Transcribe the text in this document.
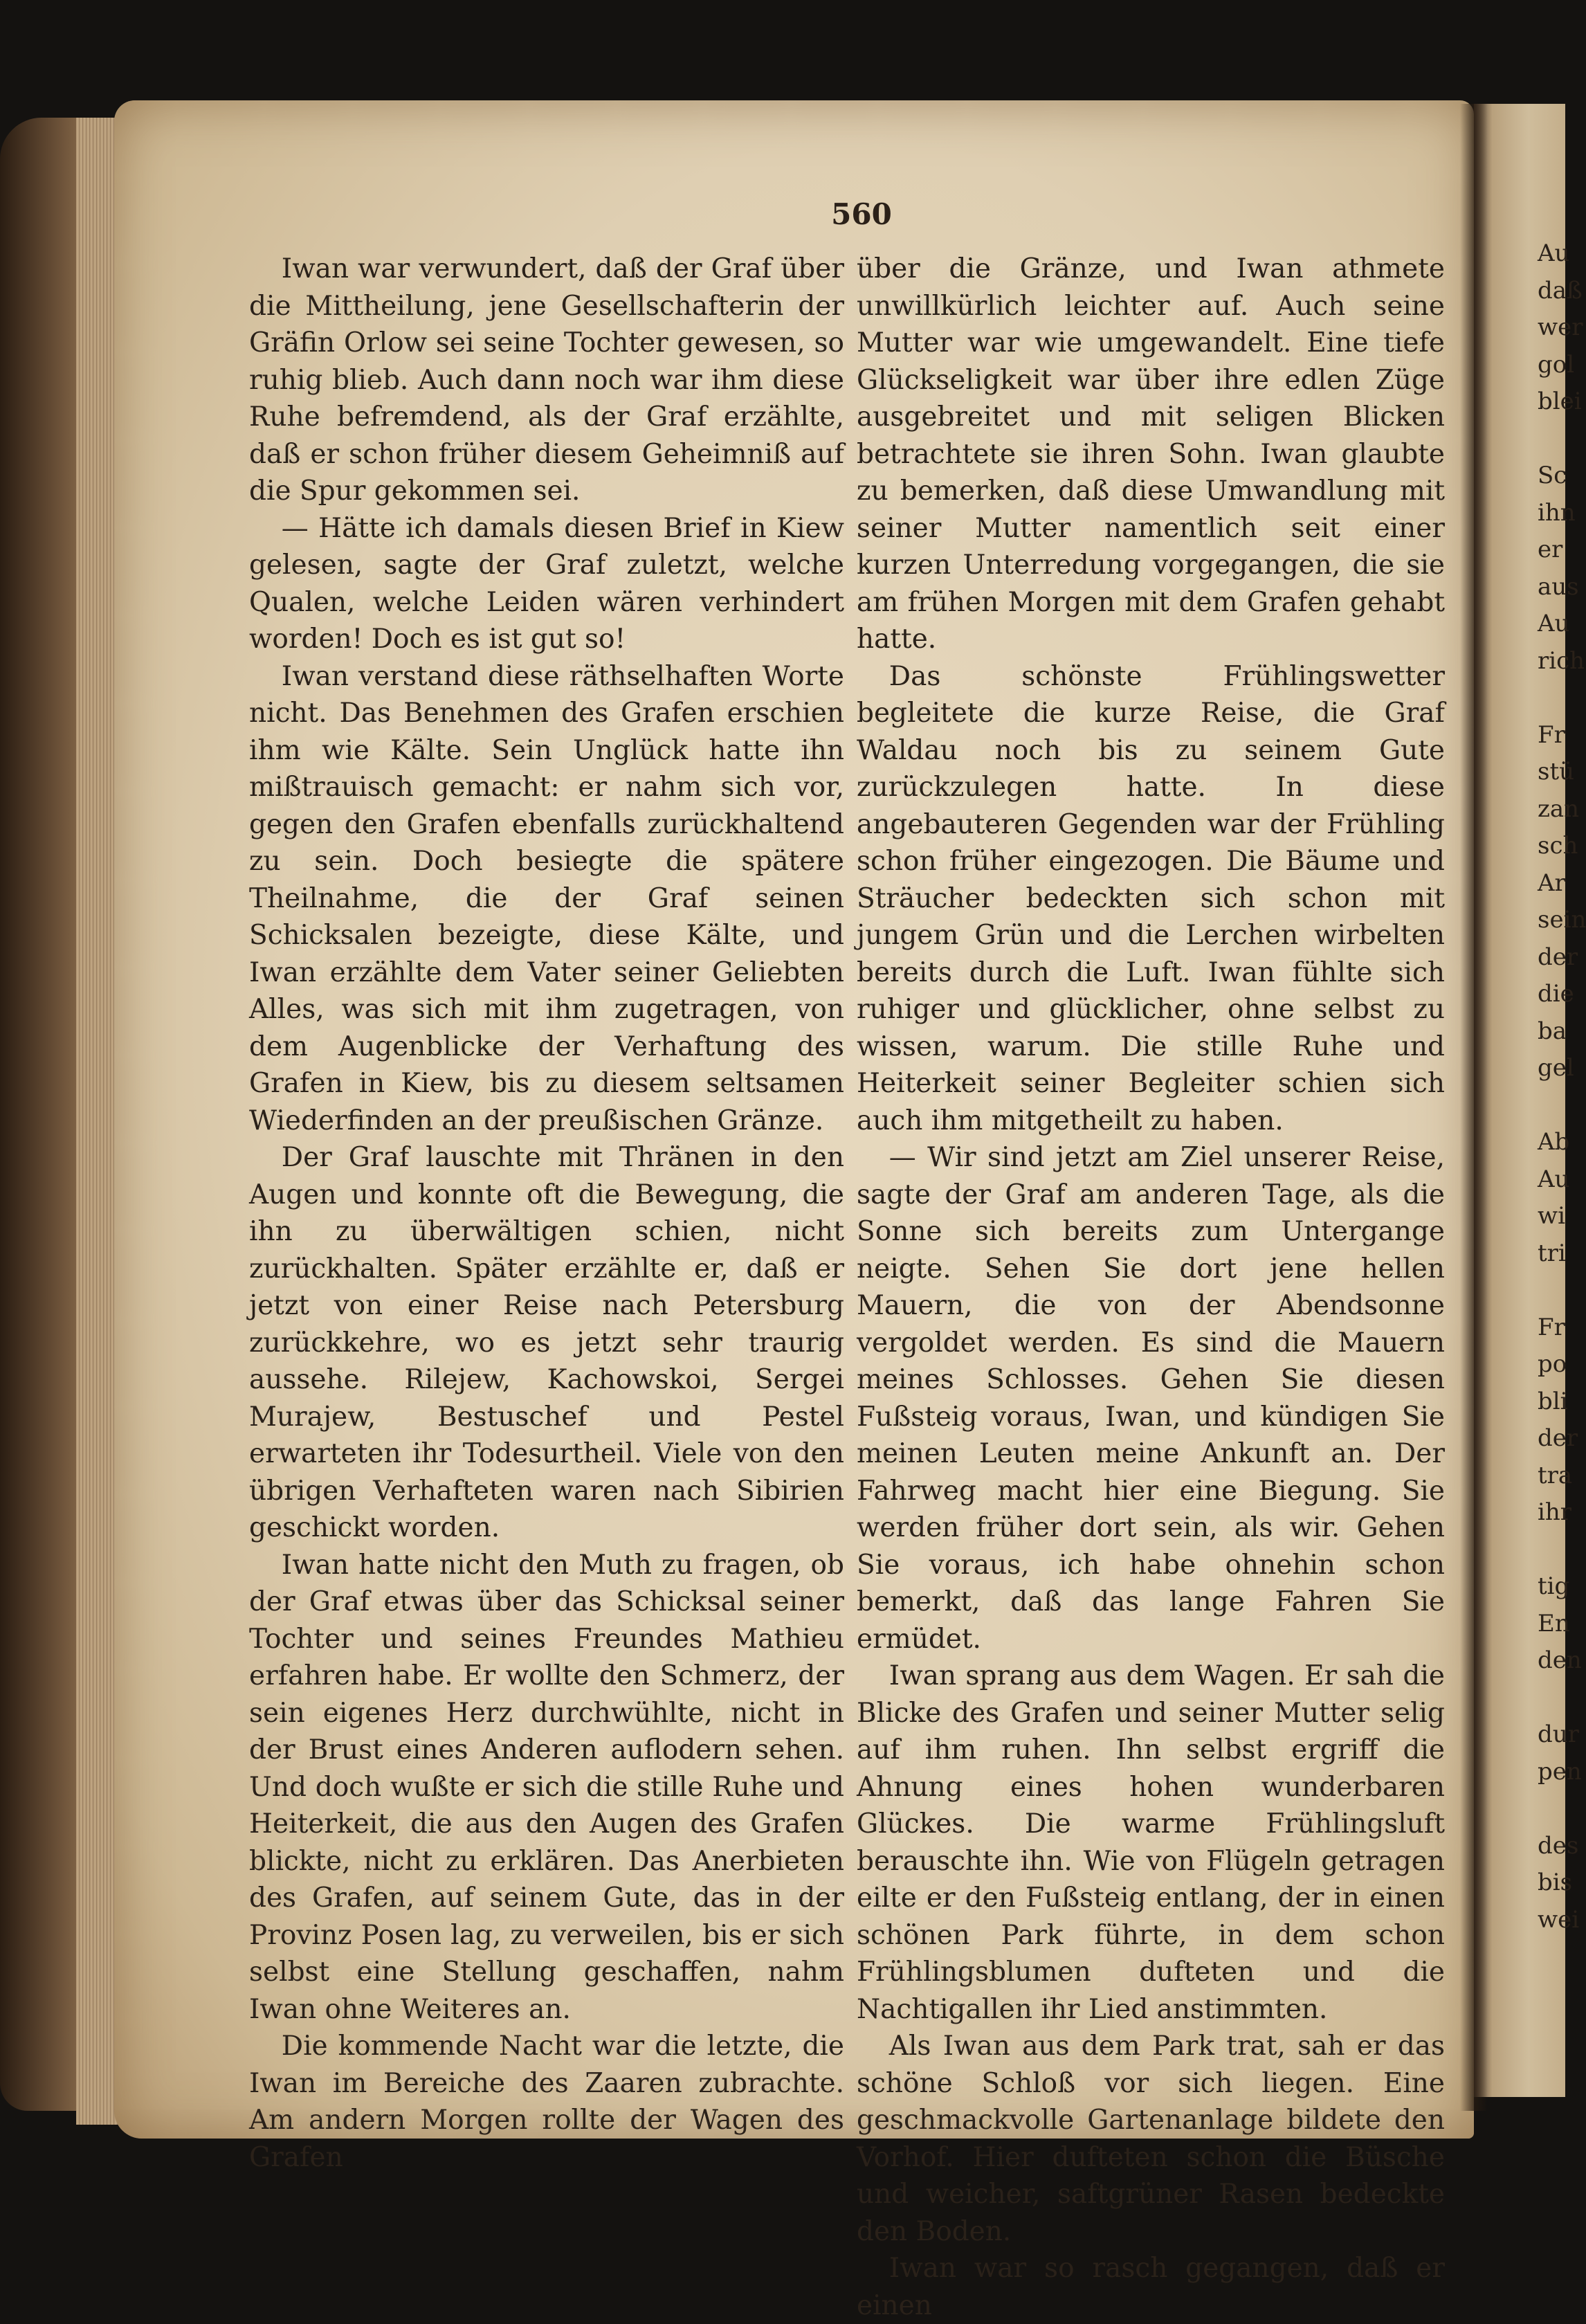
560

Iwan war verwundert, daß der Graf über die Mittheilung, jene Gesellschafterin der Gräfin Orlow sei seine Tochter gewesen, so ruhig blieb. Auch dann noch war ihm diese Ruhe befremdend, als der Graf erzählte, daß er schon früher diesem Geheimniß auf die Spur gekommen sei.

— Hätte ich damals diesen Brief in Kiew gelesen, sagte der Graf zuletzt, welche Qualen, welche Leiden wären verhindert worden! Doch es ist gut so!

Iwan verstand diese räthselhaften Worte nicht. Das Benehmen des Grafen erschien ihm wie Kälte. Sein Unglück hatte ihn mißtrauisch gemacht: er nahm sich vor, gegen den Grafen ebenfalls zurückhaltend zu sein. Doch besiegte die spätere Theilnahme, die der Graf seinen Schicksalen bezeigte, diese Kälte, und Iwan erzählte dem Vater seiner Geliebten Alles, was sich mit ihm zugetragen, von dem Augenblicke der Verhaftung des Grafen in Kiew, bis zu diesem seltsamen Wiederfinden an der preußischen Gränze.

Der Graf lauschte mit Thränen in den Augen und konnte oft die Bewegung, die ihn zu überwältigen schien, nicht zurückhalten. Später erzählte er, daß er jetzt von einer Reise nach Petersburg zurückkehre, wo es jetzt sehr traurig aussehe. Rilejew, Kachowskoi, Sergei Murajew, Bestuschef und Pestel erwarteten ihr Todesurtheil. Viele von den übrigen Verhafteten waren nach Sibirien geschickt worden.

Iwan hatte nicht den Muth zu fragen, ob der Graf etwas über das Schicksal seiner Tochter und seines Freundes Mathieu erfahren habe. Er wollte den Schmerz, der sein eigenes Herz durchwühlte, nicht in der Brust eines Anderen auflodern sehen. Und doch wußte er sich die stille Ruhe und Heiterkeit, die aus den Augen des Grafen blickte, nicht zu erklären. Das Anerbieten des Grafen, auf seinem Gute, das in der Provinz Posen lag, zu verweilen, bis er sich selbst eine Stellung geschaffen, nahm Iwan ohne Weiteres an.

Die kommende Nacht war die letzte, die Iwan im Bereiche des Zaaren zubrachte. Am andern Morgen rollte der Wagen des Grafen

über die Gränze, und Iwan athmete unwillkürlich leichter auf. Auch seine Mutter war wie umgewandelt. Eine tiefe Glückseligkeit war über ihre edlen Züge ausgebreitet und mit seligen Blicken betrachtete sie ihren Sohn. Iwan glaubte zu bemerken, daß diese Umwandlung mit seiner Mutter namentlich seit einer kurzen Unterredung vorgegangen, die sie am frühen Morgen mit dem Grafen gehabt hatte.

Das schönste Frühlingswetter begleitete die kurze Reise, die Graf Waldau noch bis zu seinem Gute zurückzulegen hatte. In diese angebauteren Gegenden war der Frühling schon früher eingezogen. Die Bäume und Sträucher bedeckten sich schon mit jungem Grün und die Lerchen wirbelten bereits durch die Luft. Iwan fühlte sich ruhiger und glücklicher, ohne selbst zu wissen, warum. Die stille Ruhe und Heiterkeit seiner Begleiter schien sich auch ihm mitgetheilt zu haben.

— Wir sind jetzt am Ziel unserer Reise, sagte der Graf am anderen Tage, als die Sonne sich bereits zum Untergange neigte. Sehen Sie dort jene hellen Mauern, die von der Abendsonne vergoldet werden. Es sind die Mauern meines Schlosses. Gehen Sie diesen Fußsteig voraus, Iwan, und kündigen Sie meinen Leuten meine Ankunft an. Der Fahrweg macht hier eine Biegung. Sie werden früher dort sein, als wir. Gehen Sie voraus, ich habe ohnehin schon bemerkt, daß das lange Fahren Sie ermüdet.

Iwan sprang aus dem Wagen. Er sah die Blicke des Grafen und seiner Mutter selig auf ihm ruhen. Ihn selbst ergriff die Ahnung eines hohen wunderbaren Glückes. Die warme Frühlingsluft berauschte ihn. Wie von Flügeln getragen eilte er den Fußsteig entlang, der in einen schönen Park führte, in dem schon Frühlingsblumen dufteten und die Nachtigallen ihr Lied anstimmten.

Als Iwan aus dem Park trat, sah er das schöne Schloß vor sich liegen. Eine geschmackvolle Gartenanlage bildete den Vorhof. Hier dufteten schon die Büsche und weicher, saftgrüner Rasen bedeckte den Boden.

Iwan war so rasch gegangen, daß er einen

Au
daß
wer
gol
blei
Sc
ihn
er
aus
Au
rich
Fr
stü
zan
sch
Ar
sein
der
die
ba
gel
Ab
Au
wi
tri
Fr
po
bli
der
tra
ihr
tig
En
den
dur
pen
des
bis
wei
